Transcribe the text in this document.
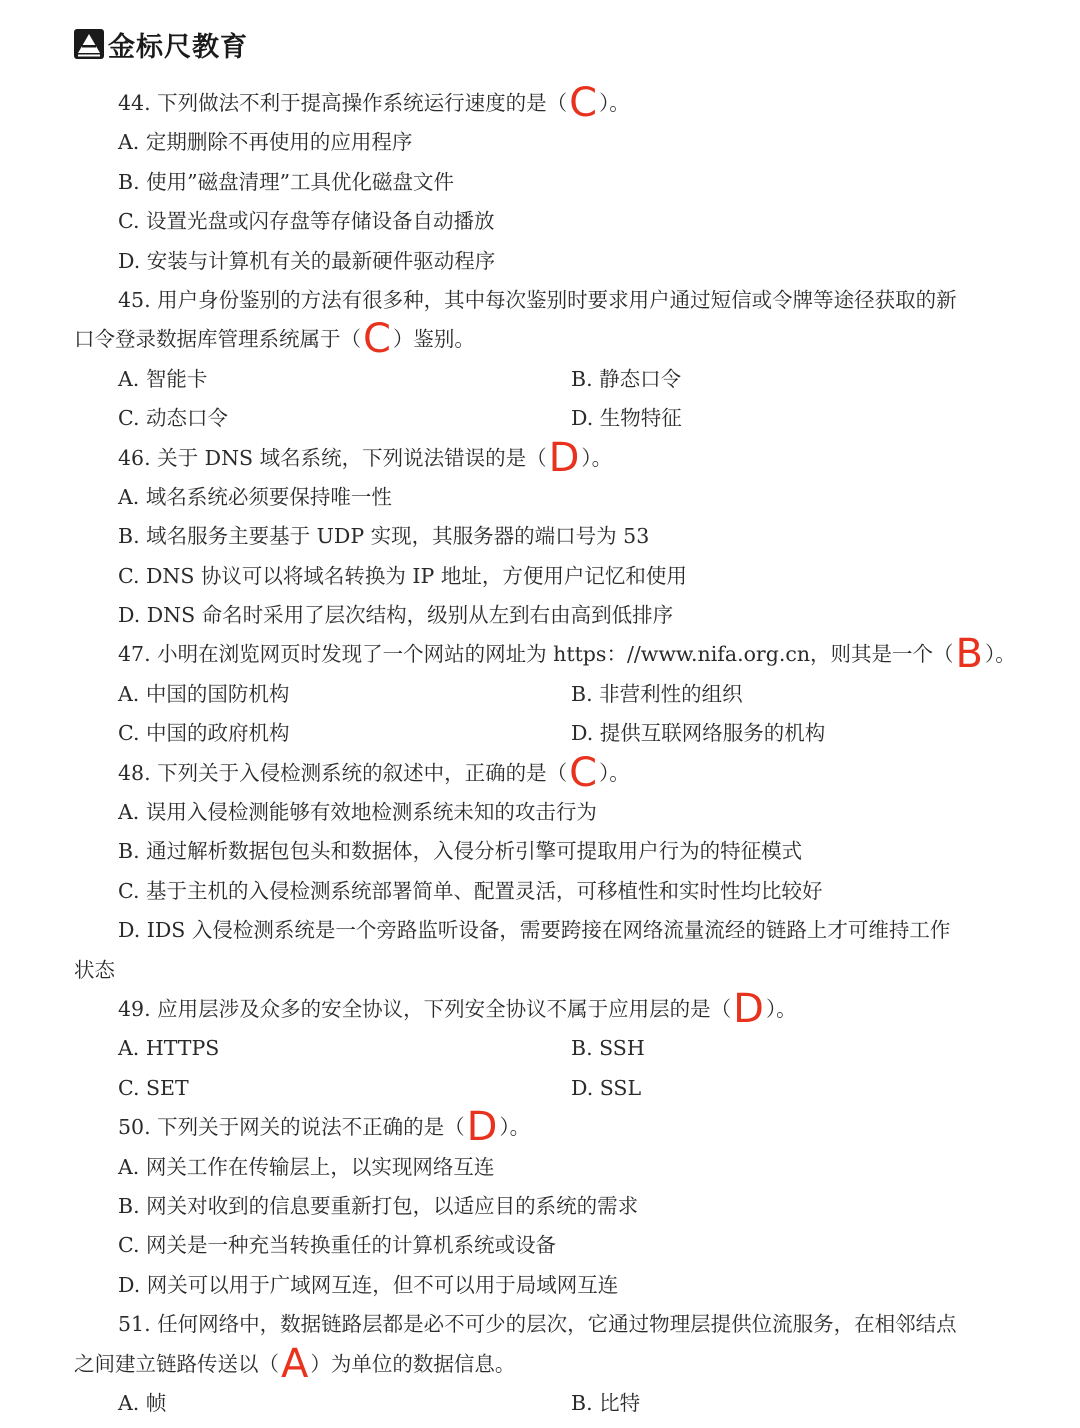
金标尺教育
44. 下列做法不利于提高操作系统运行速度的是（C）。
A. 定期删除不再使用的应用程序
B. 使用”磁盘清理”工具优化磁盘文件
C. 设置光盘或闪存盘等存储设备自动播放
D. 安装与计算机有关的最新硬件驱动程序
45. 用户身份鉴别的方法有很多种，其中每次鉴别时要求用户通过短信或令牌等途径获取的新
口令登录数据库管理系统属于（C）鉴别。
A. 智能卡	B. 静态口令
C. 动态口令	D. 生物特征
46. 关于 DNS 域名系统，下列说法错误的是（D）。
A. 域名系统必须要保持唯一性
B. 域名服务主要基于 UDP 实现，其服务器的端口号为 53
C. DNS 协议可以将域名转换为 IP 地址，方便用户记忆和使用
D. DNS 命名时采用了层次结构，级别从左到右由高到低排序
47. 小明在浏览网页时发现了一个网站的网址为 https：//www.nifa.org.cn，则其是一个（B）。
A. 中国的国防机构	B. 非营利性的组织
C. 中国的政府机构	D. 提供互联网络服务的机构
48. 下列关于入侵检测系统的叙述中，正确的是（C）。
A. 误用入侵检测能够有效地检测系统未知的攻击行为
B. 通过解析数据包包头和数据体，入侵分析引擎可提取用户行为的特征模式
C. 基于主机的入侵检测系统部署简单、配置灵活，可移植性和实时性均比较好
D. IDS 入侵检测系统是一个旁路监听设备，需要跨接在网络流量流经的链路上才可维持工作
状态
49. 应用层涉及众多的安全协议，下列安全协议不属于应用层的是（D）。
A. HTTPS	B. SSH
C. SET	D. SSL
50. 下列关于网关的说法不正确的是（D）。
A. 网关工作在传输层上，以实现网络互连
B. 网关对收到的信息要重新打包，以适应目的系统的需求
C. 网关是一种充当转换重任的计算机系统或设备
D. 网关可以用于广域网互连，但不可以用于局域网互连
51. 任何网络中，数据链路层都是必不可少的层次，它通过物理层提供位流服务，在相邻结点
之间建立链路传送以（A）为单位的数据信息。
A. 帧	B. 比特
